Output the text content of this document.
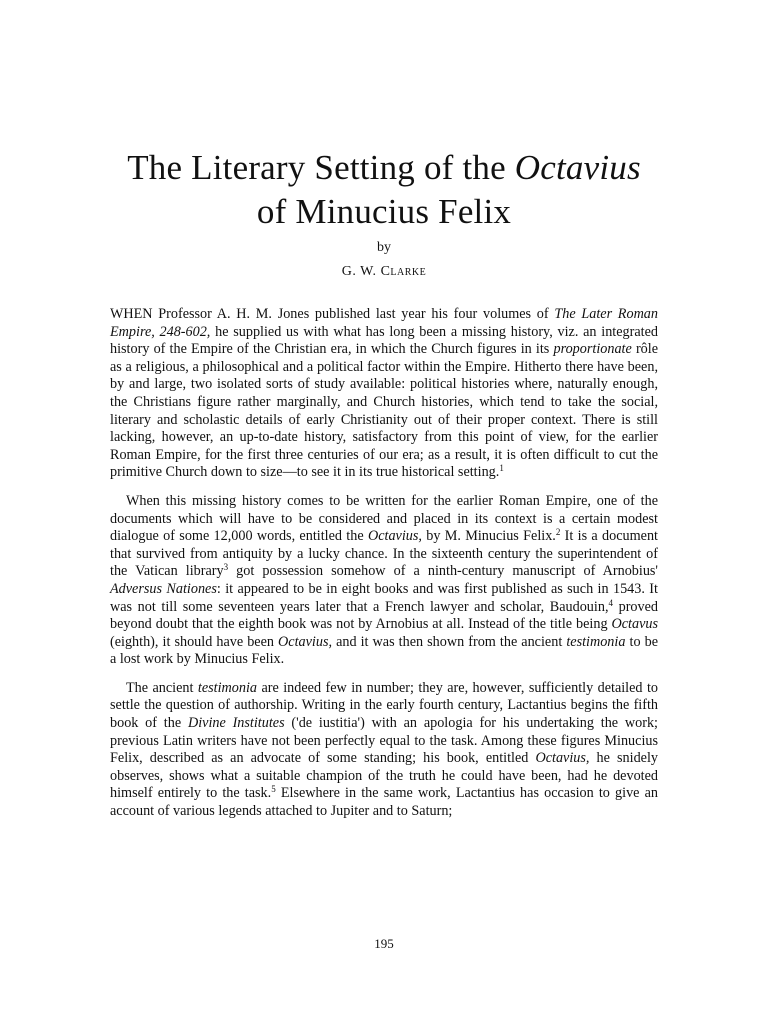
The Literary Setting of the Octavius
of Minucius Felix
by
G. W. Clarke

WHEN Professor A. H. M. Jones published last year his four volumes of The Later Roman Empire, 248-602, he supplied us with what has long been a missing history, viz. an integrated history of the Empire of the Christian era, in which the Church figures in its proportionate rôle as a religious, a philosophical and a political factor within the Empire. Hitherto there have been, by and large, two isolated sorts of study available: political histories where, naturally enough, the Christians figure rather marginally, and Church histories, which tend to take the social, literary and scholastic details of early Christianity out of their proper context. There is still lacking, however, an up-to-date history, satisfactory from this point of view, for the earlier Roman Empire, for the first three centuries of our era; as a result, it is often difficult to cut the primitive Church down to size—to see it in its true historical setting.$^1$

When this missing history comes to be written for the earlier Roman Empire, one of the documents which will have to be considered and placed in its context is a certain modest dialogue of some 12,000 words, entitled the Octavius, by M. Minucius Felix.$^2$ It is a document that survived from antiquity by a lucky chance. In the sixteenth century the superintendent of the Vatican library$^3$ got possession somehow of a ninth-century manuscript of Arnobius' Adversus Nationes: it appeared to be in eight books and was first published as such in 1543. It was not till some seventeen years later that a French lawyer and scholar, Baudouin,$^4$ proved beyond doubt that the eighth book was not by Arnobius at all. Instead of the title being Octavus (eighth), it should have been Octavius, and it was then shown from the ancient testimonia to be a lost work by Minucius Felix.

The ancient testimonia are indeed few in number; they are, however, sufficiently detailed to settle the question of authorship. Writing in the early fourth century, Lactantius begins the fifth book of the Divine Institutes ('de iustitia') with an apologia for his undertaking the work; previous Latin writers have not been perfectly equal to the task. Among these figures Minucius Felix, described as an advocate of some standing; his book, entitled Octavius, he snidely observes, shows what a suitable champion of the truth he could have been, had he devoted himself entirely to the task.$^5$ Elsewhere in the same work, Lactantius has occasion to give an account of various legends attached to Jupiter and to Saturn;

195
